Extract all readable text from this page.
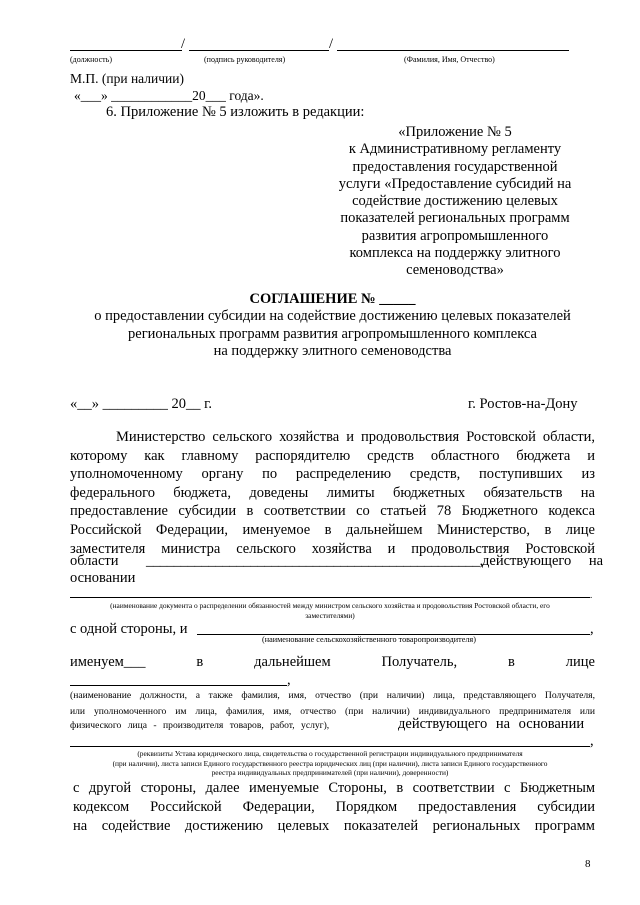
/	/
(должность)	(подпись руководителя)	(Фамилия, Имя, Отчество)
М.П. (при наличии)
«___» ____________20___ года».
6. Приложение № 5 изложить в редакции:
«Приложение № 5
к Административному регламенту
предоставления государственной
услуги «Предоставление субсидий на
содействие достижению целевых
показателей региональных программ
развития агропромышленного
комплекса на поддержку элитного
семеноводства»
СОГЛАШЕНИЕ № _____
о предоставлении субсидии на содействие достижению целевых показателей
региональных программ развития агропромышленного комплекса
на поддержку элитного семеноводства
«__» _________ 20__ г.	г. Ростов-на-Дону
Министерство сельского хозяйства и продовольствия Ростовской области,
которому как главному распорядителю средств областного бюджета и
уполномоченному органу по распределению средств, поступивших из
федерального бюджета, доведены лимиты бюджетных обязательств на
предоставление субсидии в соответствии со статьей 78 Бюджетного кодекса
Российской Федерации, именуемое в дальнейшем Министерство, в лице
заместителя министра сельского хозяйства и продовольствия Ростовской
области ________________________________________________, действующего на
основании
.
(наименование документа о распределении обязанностей между министром сельского хозяйства и продовольствия Ростовской области, его
заместителями)
с одной стороны, и	,
(наименование сельскохозяйственного товаропроизводителя)
именуем___	в	дальнейшем	Получатель,	в	лице
,
(наименование должности, а также фамилия, имя, отчество (при наличии) лица, представляющего Получателя,
или уполномоченного им лица, фамилия, имя, отчество (при наличии) индивидуального предпринимателя или
физического лица - производителя товаров, работ, услуг),	действующего на основании
,
(реквизиты Устава юридического лица, свидетельства о государственной регистрации индивидуального предпринимателя
(при наличии), листа записи Единого государственного реестра юридических лиц (при наличии), листа записи Единого государственного
реестра индивидуальных предпринимателей (при наличии), доверенности)
с другой стороны, далее именуемые Стороны, в соответствии с Бюджетным
кодексом Российской Федерации, Порядком предоставления субсидии
на содействие достижению целевых показателей региональных программ
8
